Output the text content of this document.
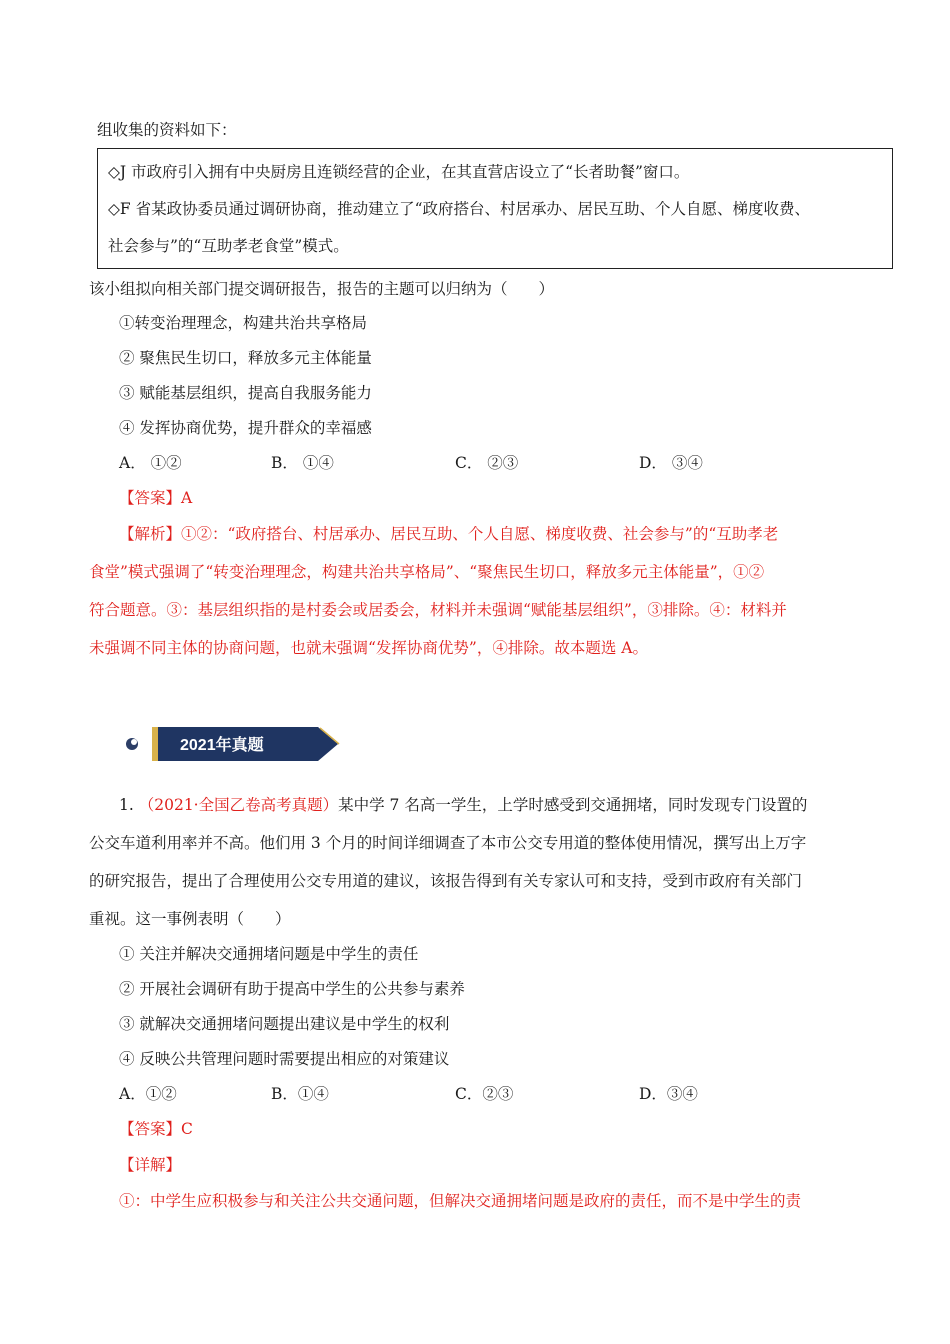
组收集的资料如下：
◇J 市政府引入拥有中央厨房且连锁经营的企业，在其直营店设立了“长者助餐”窗口。
◇F 省某政协委员通过调研协商，推动建立了“政府搭台、村居承办、居民互助、个人自愿、梯度收费、
社会参与”的“互助孝老食堂”模式。
该小组拟向相关部门提交调研报告，报告的主题可以归纳为（　　）
①转变治理理念，构建共治共享格局
② 聚焦民生切口，释放多元主体能量
③ 赋能基层组织，提高自我服务能力
④ 发挥协商优势，提升群众的幸福感
A． ①②	B． ①④	C． ②③	D． ③④
【答案】A
【解析】①②：“政府搭台、村居承办、居民互助、个人自愿、梯度收费、社会参与”的“互助孝老
食堂”模式强调了“转变治理理念，构建共治共享格局”、“聚焦民生切口，释放多元主体能量”，①②
符合题意。③：基层组织指的是村委会或居委会，材料并未强调“赋能基层组织”，③排除。④：材料并
未强调不同主体的协商问题，也就未强调“发挥协商优势”，④排除。故本题选 A。
2021年真题
1. （2021·全国乙卷高考真题）某中学 7 名高一学生，上学时感受到交通拥堵，同时发现专门设置的
公交车道利用率并不高。他们用 3 个月的时间详细调查了本市公交专用道的整体使用情况，撰写出上万字
的研究报告，提出了合理使用公交专用道的建议，该报告得到有关专家认可和支持，受到市政府有关部门
重视。这一事例表明（　　）
① 关注并解决交通拥堵问题是中学生的责任
② 开展社会调研有助于提高中学生的公共参与素养
③ 就解决交通拥堵问题提出建议是中学生的权利
④ 反映公共管理问题时需要提出相应的对策建议
A．①②	B．①④	C．②③	D．③④
【答案】C
【详解】
①：中学生应积极参与和关注公共交通问题，但解决交通拥堵问题是政府的责任，而不是中学生的责
